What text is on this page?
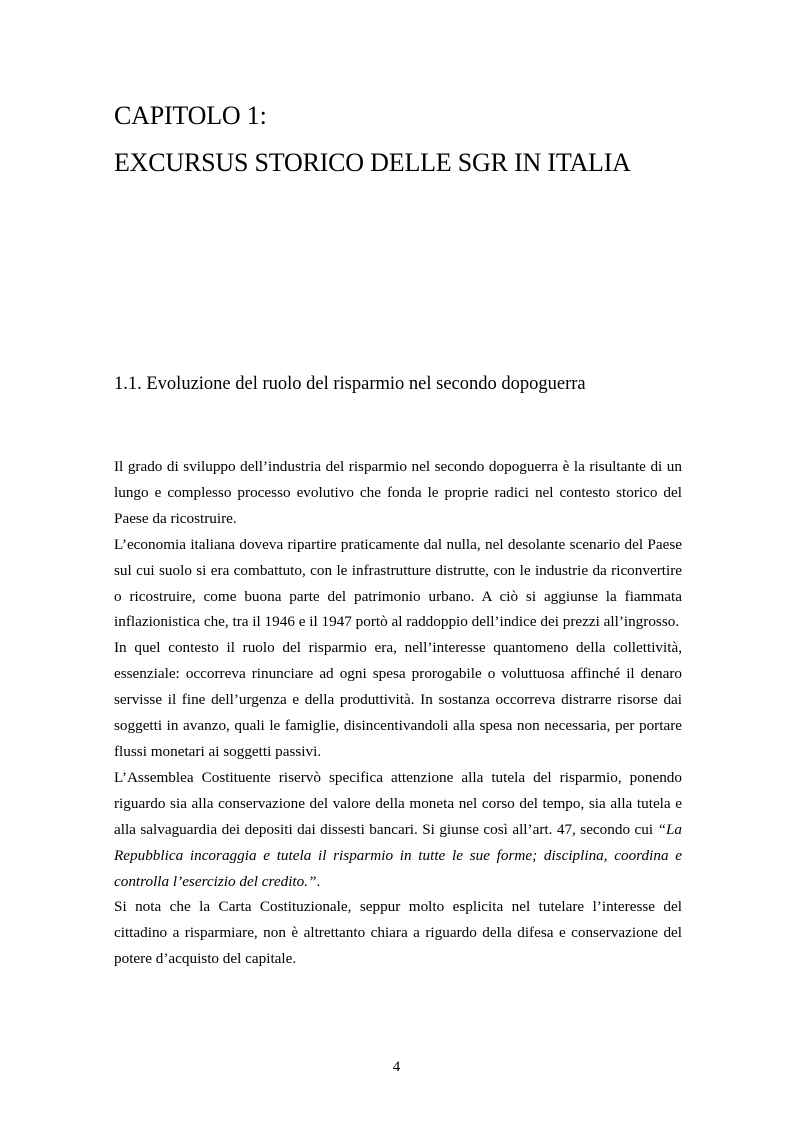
CAPITOLO 1:
EXCURSUS STORICO DELLE SGR IN ITALIA
1.1. Evoluzione del ruolo del risparmio nel secondo dopoguerra

Il grado di sviluppo dell’industria del risparmio nel secondo dopoguerra è la risultante di un lungo e complesso processo evolutivo che fonda le proprie radici nel contesto storico del Paese da ricostruire.

L’economia italiana doveva ripartire praticamente dal nulla, nel desolante scenario del Paese sul cui suolo si era combattuto, con le infrastrutture distrutte, con le industrie da riconvertire o ricostruire, come buona parte del patrimonio urbano. A ciò si aggiunse la fiammata inflazionistica che, tra il 1946 e il 1947 portò al raddoppio dell’indice dei prezzi all’ingrosso.

In quel contesto il ruolo del risparmio era, nell’interesse quantomeno della collettività, essenziale: occorreva rinunciare ad ogni spesa prorogabile o voluttuosa affinché il denaro servisse il fine dell’urgenza e della produttività. In sostanza occorreva distrarre risorse dai soggetti in avanzo, quali le famiglie, disincentivandoli alla spesa non necessaria, per portare flussi monetari ai soggetti passivi.

L’Assemblea Costituente riservò specifica attenzione alla tutela del risparmio, ponendo riguardo sia alla conservazione del valore della moneta nel corso del tempo, sia alla tutela e alla salvaguardia dei depositi dai dissesti bancari. Si giunse così all’art. 47, secondo cui “La Repubblica incoraggia e tutela il risparmio in tutte le sue forme; disciplina, coordina e controlla l’esercizio del credito.”.

Si nota che la Carta Costituzionale, seppur molto esplicita nel tutelare l’interesse del cittadino a risparmiare, non è altrettanto chiara a riguardo della difesa e conservazione del potere d’acquisto del capitale.

4
